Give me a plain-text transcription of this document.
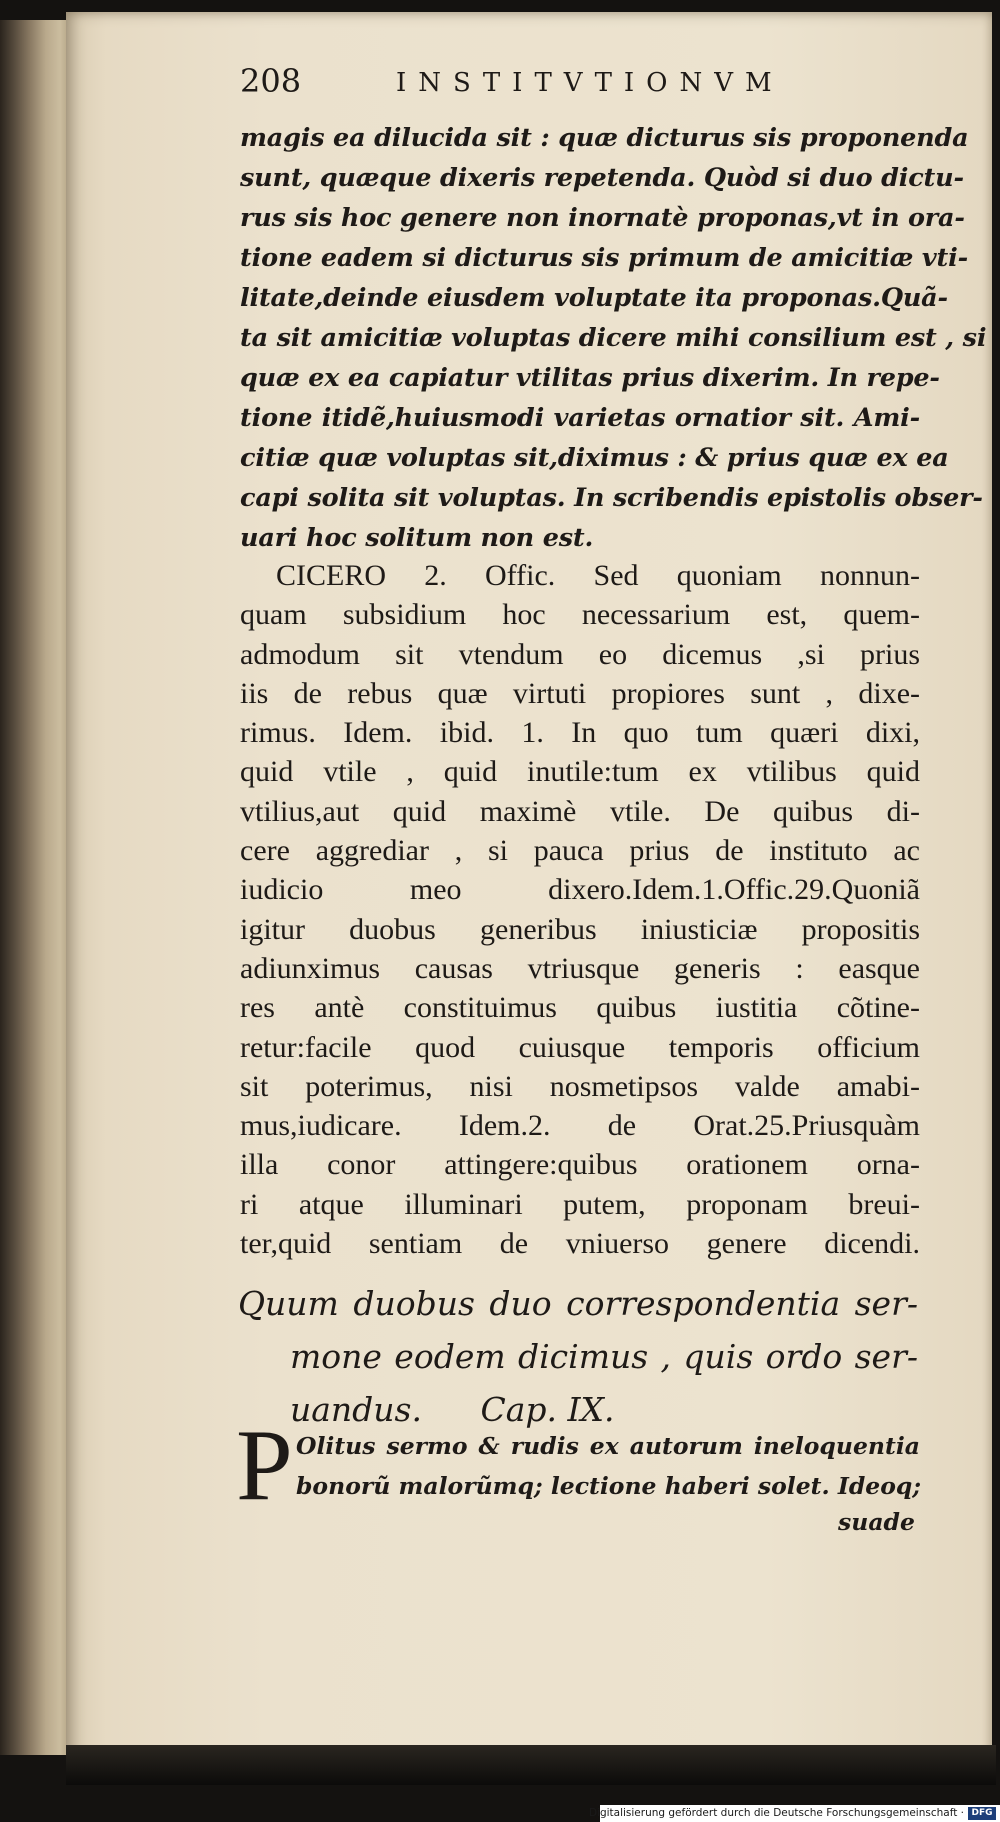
208	INSTITVTIONVM
magis ea dilucida sit : quæ dicturus sis proponenda
sunt, quæque dixeris repetenda. Quòd si duo dictu-
rus sis hoc genere non inornatè proponas,vt in ora-
tione eadem si dicturus sis primum de amicitiæ vti-
litate,deinde eiusdem voluptate ita proponas.Quã-
ta sit amicitiæ voluptas dicere mihi consilium est , si
quæ ex ea capiatur vtilitas prius dixerim. In repe-
tione itidẽ,huiusmodi varietas ornatior sit. Ami-
citiæ quæ voluptas sit,diximus : & prius quæ ex ea
capi solita sit voluptas. In scribendis epistolis obser-
uari hoc solitum non est.
CICERO 2. Offic. Sed quoniam nonnun-
quam subsidium hoc necessarium est, quem-
admodum sit vtendum eo dicemus ,si prius
iis de rebus quæ virtuti propiores sunt , dixe-
rimus. Idem. ibid. 1. In quo tum quæri dixi,
quid vtile , quid inutile:tum ex vtilibus quid
vtilius,aut quid maximè vtile. De quibus di-
cere aggrediar , si pauca prius de instituto ac
iudicio meo dixero.Idem.1.Offic.29.Quoniã
igitur duobus generibus iniusticiæ propositis
adiunximus causas vtriusque generis : easque
res antè constituimus quibus iustitia cõtine-
retur:facile quod cuiusque temporis officium
sit poterimus, nisi nosmetipsos valde amabi-
mus,iudicare. Idem.2. de Orat.25.Priusquàm
illa conor attingere:quibus orationem orna-
ri atque illuminari putem, proponam breui-
ter,quid sentiam de vniuerso genere dicendi.
Quum duobus duo correspondentia ser-
mone eodem dicimus , quis ordo ser-
uandus. Cap. IX.
P Olitus sermo & rudis ex autorum ineloquentia
bonorũ malorũmq; lectione haberi solet. Ideoq;
suade
Digitalisierung gefördert durch die Deutsche Forschungsgemeinschaft · DFG
